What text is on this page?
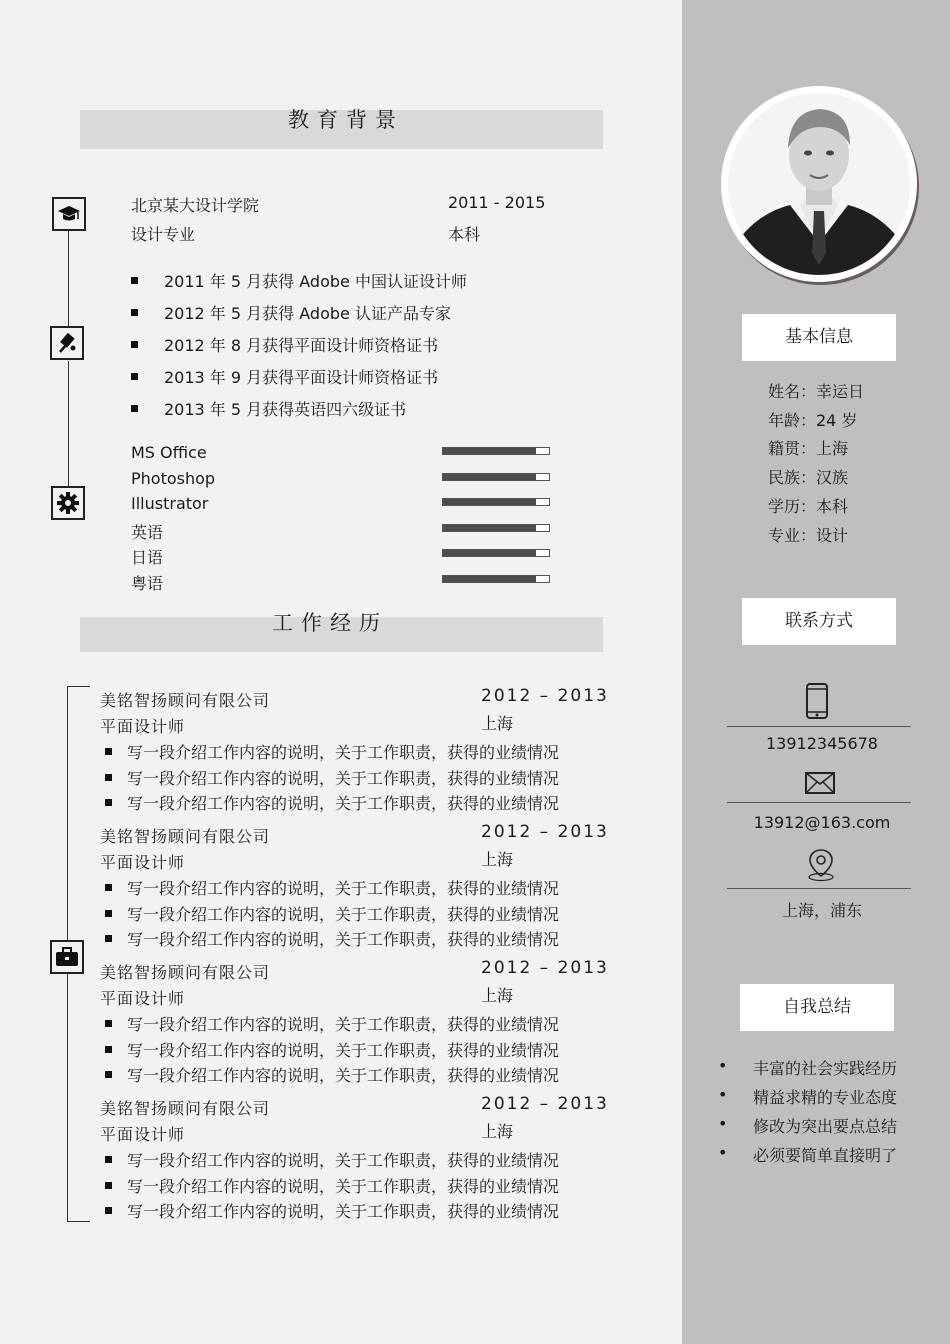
基本信息
姓名：幸运日
年龄：24 岁
籍贯：上海
民族：汉族
学历：本科
专业：设计
联系方式
13912345678
13912@163.com
上海，浦东
自我总结
• 丰富的社会实践经历
• 精益求精的专业态度
• 修改为突出要点总结
• 必须要简单直接明了
教育背景
北京某大设计学院	2011 - 2015
设计专业	本科
2011 年 5 月获得 Adobe 中国认证设计师
2012 年 5 月获得 Adobe 认证产品专家
2012 年 8 月获得平面设计师资格证书
2013 年 9 月获得平面设计师资格证书
2013 年 5 月获得英语四六级证书
MS Office
Photoshop
Illustrator
英语
日语
粤语
工作经历
美铭智扬顾问有限公司	2012 – 2013
平面设计师	上海
写一段介绍工作内容的说明，关于工作职责，获得的业绩情况
写一段介绍工作内容的说明，关于工作职责，获得的业绩情况
写一段介绍工作内容的说明，关于工作职责，获得的业绩情况
美铭智扬顾问有限公司	2012 – 2013
平面设计师	上海
写一段介绍工作内容的说明，关于工作职责，获得的业绩情况
写一段介绍工作内容的说明，关于工作职责，获得的业绩情况
写一段介绍工作内容的说明，关于工作职责，获得的业绩情况
美铭智扬顾问有限公司	2012 – 2013
平面设计师	上海
写一段介绍工作内容的说明，关于工作职责，获得的业绩情况
写一段介绍工作内容的说明，关于工作职责，获得的业绩情况
写一段介绍工作内容的说明，关于工作职责，获得的业绩情况
美铭智扬顾问有限公司	2012 – 2013
平面设计师	上海
写一段介绍工作内容的说明，关于工作职责，获得的业绩情况
写一段介绍工作内容的说明，关于工作职责，获得的业绩情况
写一段介绍工作内容的说明，关于工作职责，获得的业绩情况
